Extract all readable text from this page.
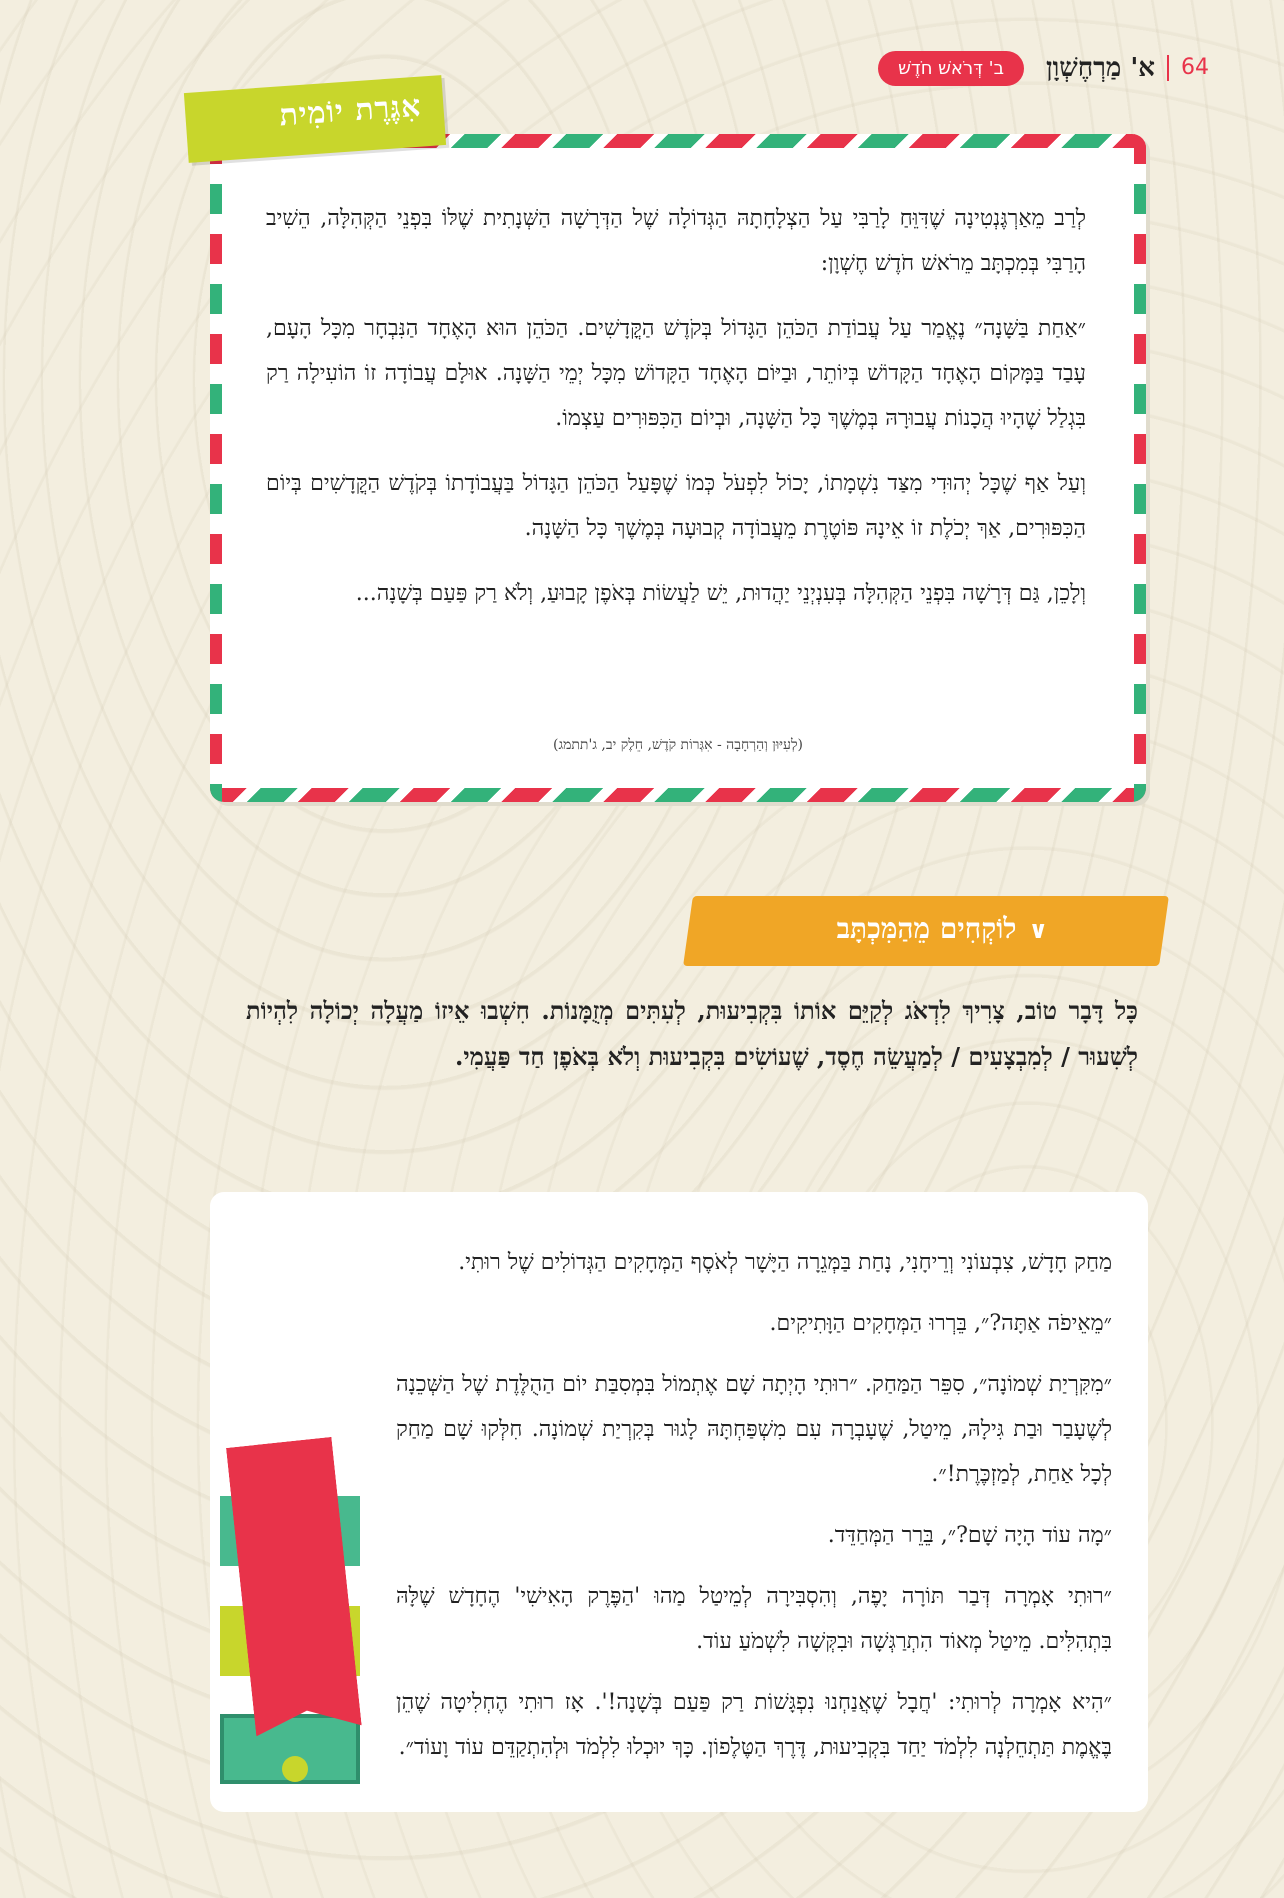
64
א' מַרְחֶשְׁוָן
ב' דְּרֹאשׁ חֹדֶשׁ

לְרַב מֵאַרְגֶּנְטִינָה שֶׁדִּוֵּחַ לָרַבִּי עַל הַצְלָחָתָהּ הַגְּדוֹלָה שֶׁל הַדְּרָשָׁה הַשְּׁנָתִית שֶׁלּוֹ בִּפְנֵי הַקְּהִלָּה, הֵשִׁיב הָרַבִּי בְּמִכְתָּב מֵרֹאשׁ חֹדֶשׁ חֶשְׁוָן:

״אַחַת בַּשָּׁנָה״ נֶאֱמַר עַל עֲבוֹדַת הַכֹּהֵן הַגָּדוֹל בְּקֹדֶשׁ הַקֳּדָשִׁים. הַכֹּהֵן הוּא הָאֶחָד הַנִּבְחָר מִכָּל הָעָם, עָבַד בַּמָּקוֹם הָאֶחָד הַקָּדוֹשׁ בְּיוֹתֵר, וּבַיּוֹם הָאֶחָד הַקָּדוֹשׁ מִכָּל יְמֵי הַשָּׁנָה. אוּלָם עֲבוֹדָה זוֹ הוֹעִילָה רַק בִּגְלַל שֶׁהָיוּ הֲכָנוֹת עֲבוּרָהּ בְּמֶשֶׁךְ כָּל הַשָּׁנָה, וּבְיוֹם הַכִּפּוּרִים עַצְמוֹ.

וְעַל אַף שֶׁכָּל יְהוּדִי מִצַּד נִשְׁמָתוֹ, יָכוֹל לִפְעֹל כְּמוֹ שֶׁפָּעַל הַכֹּהֵן הַגָּדוֹל בַּעֲבוֹדָתוֹ בְּקֹדֶשׁ הַקֳּדָשִׁים בְּיוֹם הַכִּפּוּרִים, אַךְ יְכֹלֶת זוֹ אֵינָהּ פּוֹטֶרֶת מֵעֲבוֹדָה קְבוּעָה בְּמֶשֶׁךְ כָּל הַשָּׁנָה.

וְלָכֵן, גַּם דְּרָשָׁה בִּפְנֵי הַקְּהִלָּה בְּעִנְיְנֵי יַהֲדוּת, יֵשׁ לַעֲשׂוֹת בְּאֹפֶן קָבוּעַ, וְלֹא רַק פַּעַם בְּשָׁנָה...

(לְעִיּוּן וְהַרְחָבָה - אִגְּרוֹת קֹדֶשׁ, חֵלֶק יב, ג'תתמג)
אִגֶּרֶת יוֹמִית
∨
לוֹקְחִים מֵהַמִּכְתָּב
כָּל דָּבָר טוֹב, צָרִיךְ לִדְאֹג לְקַיֵּם אוֹתוֹ בִּקְבִיעוּת, לְעִתִּים מְזֻמָּנוֹת. חִשְׁבוּ אֵיזוֹ מַעֲלָה יְכוֹלָה לִהְיוֹת לְשִׁעוּר / לְמִבְצָעִים / לְמַעֲשֵׂה חֶסֶד, שֶׁעוֹשִׂים בִּקְבִיעוּת וְלֹא בְּאֹפֶן חַד פַּעֲמִי.

מַחַק חָדָשׁ, צִבְעוֹנִי וְרֵיחָנִי, נָחַת בַּמְּגֵרָה הַיָּשָׁר לְאֹסֶף הַמְּחָקִים הַגְּדוֹלִים שֶׁל רוּתִי.

״מֵאֵיפֹה אַתָּה?״, בֵּרְרוּ הַמְּחָקִים הַוָּתִיקִים.

״מִקִּרְיַת שְׁמוֹנָה״, סִפֵּר הַמַּחַק. ״רוּתִי הָיְתָה שָׁם אֶתְמוֹל בִּמְסִבַּת יוֹם הַהֻלֶּדֶת שֶׁל הַשְּׁכֵנָה לְשֶׁעָבַר וּבַת גִּילָהּ, מֵיטַל, שֶׁעָבְרָה עִם מִשְׁפַּחְתָּהּ לָגוּר בְּקִרְיַת שְׁמוֹנָה. חִלְּקוּ שָׁם מַחַק לְכָל אַחַת, לְמַזְכֶּרֶת!״.

״מָה עוֹד הָיָה שָׁם?״, בֵּרֵר הַמְּחַדֵּד.

״רוּתִי אָמְרָה דְּבַר תּוֹרָה יָפֶה, וְהִסְבִּירָה לְמֵיטַל מַהוּ 'הַפֶּרֶק הָאִישִׁי' הֶחָדָשׁ שֶׁלָּהּ בִּתְהִלִּים. מֵיטַל מְאוֹד הִתְרַגְּשָׁה וּבִקְּשָׁה לִשְׁמֹעַ עוֹד.

״הִיא אָמְרָה לְרוּתִי: 'חֲבָל שֶׁאֲנַחְנוּ נִפְגָּשׁוֹת רַק פַּעַם בְּשָׁנָה!'. אָז רוּתִי הֶחְלִיטָה שֶׁהֵן בֶּאֱמֶת תַּתְחֵלְנָה לִלְמֹד יַחַד בִּקְבִיעוּת, דֶּרֶךְ הַטֶּלֶפוֹן. כָּךְ יוּכְלוּ לִלְמֹד וּלְהִתְקַדֵּם עוֹד וָעוֹד״.

אֵלּוּ בַּמְּגֵרָה
